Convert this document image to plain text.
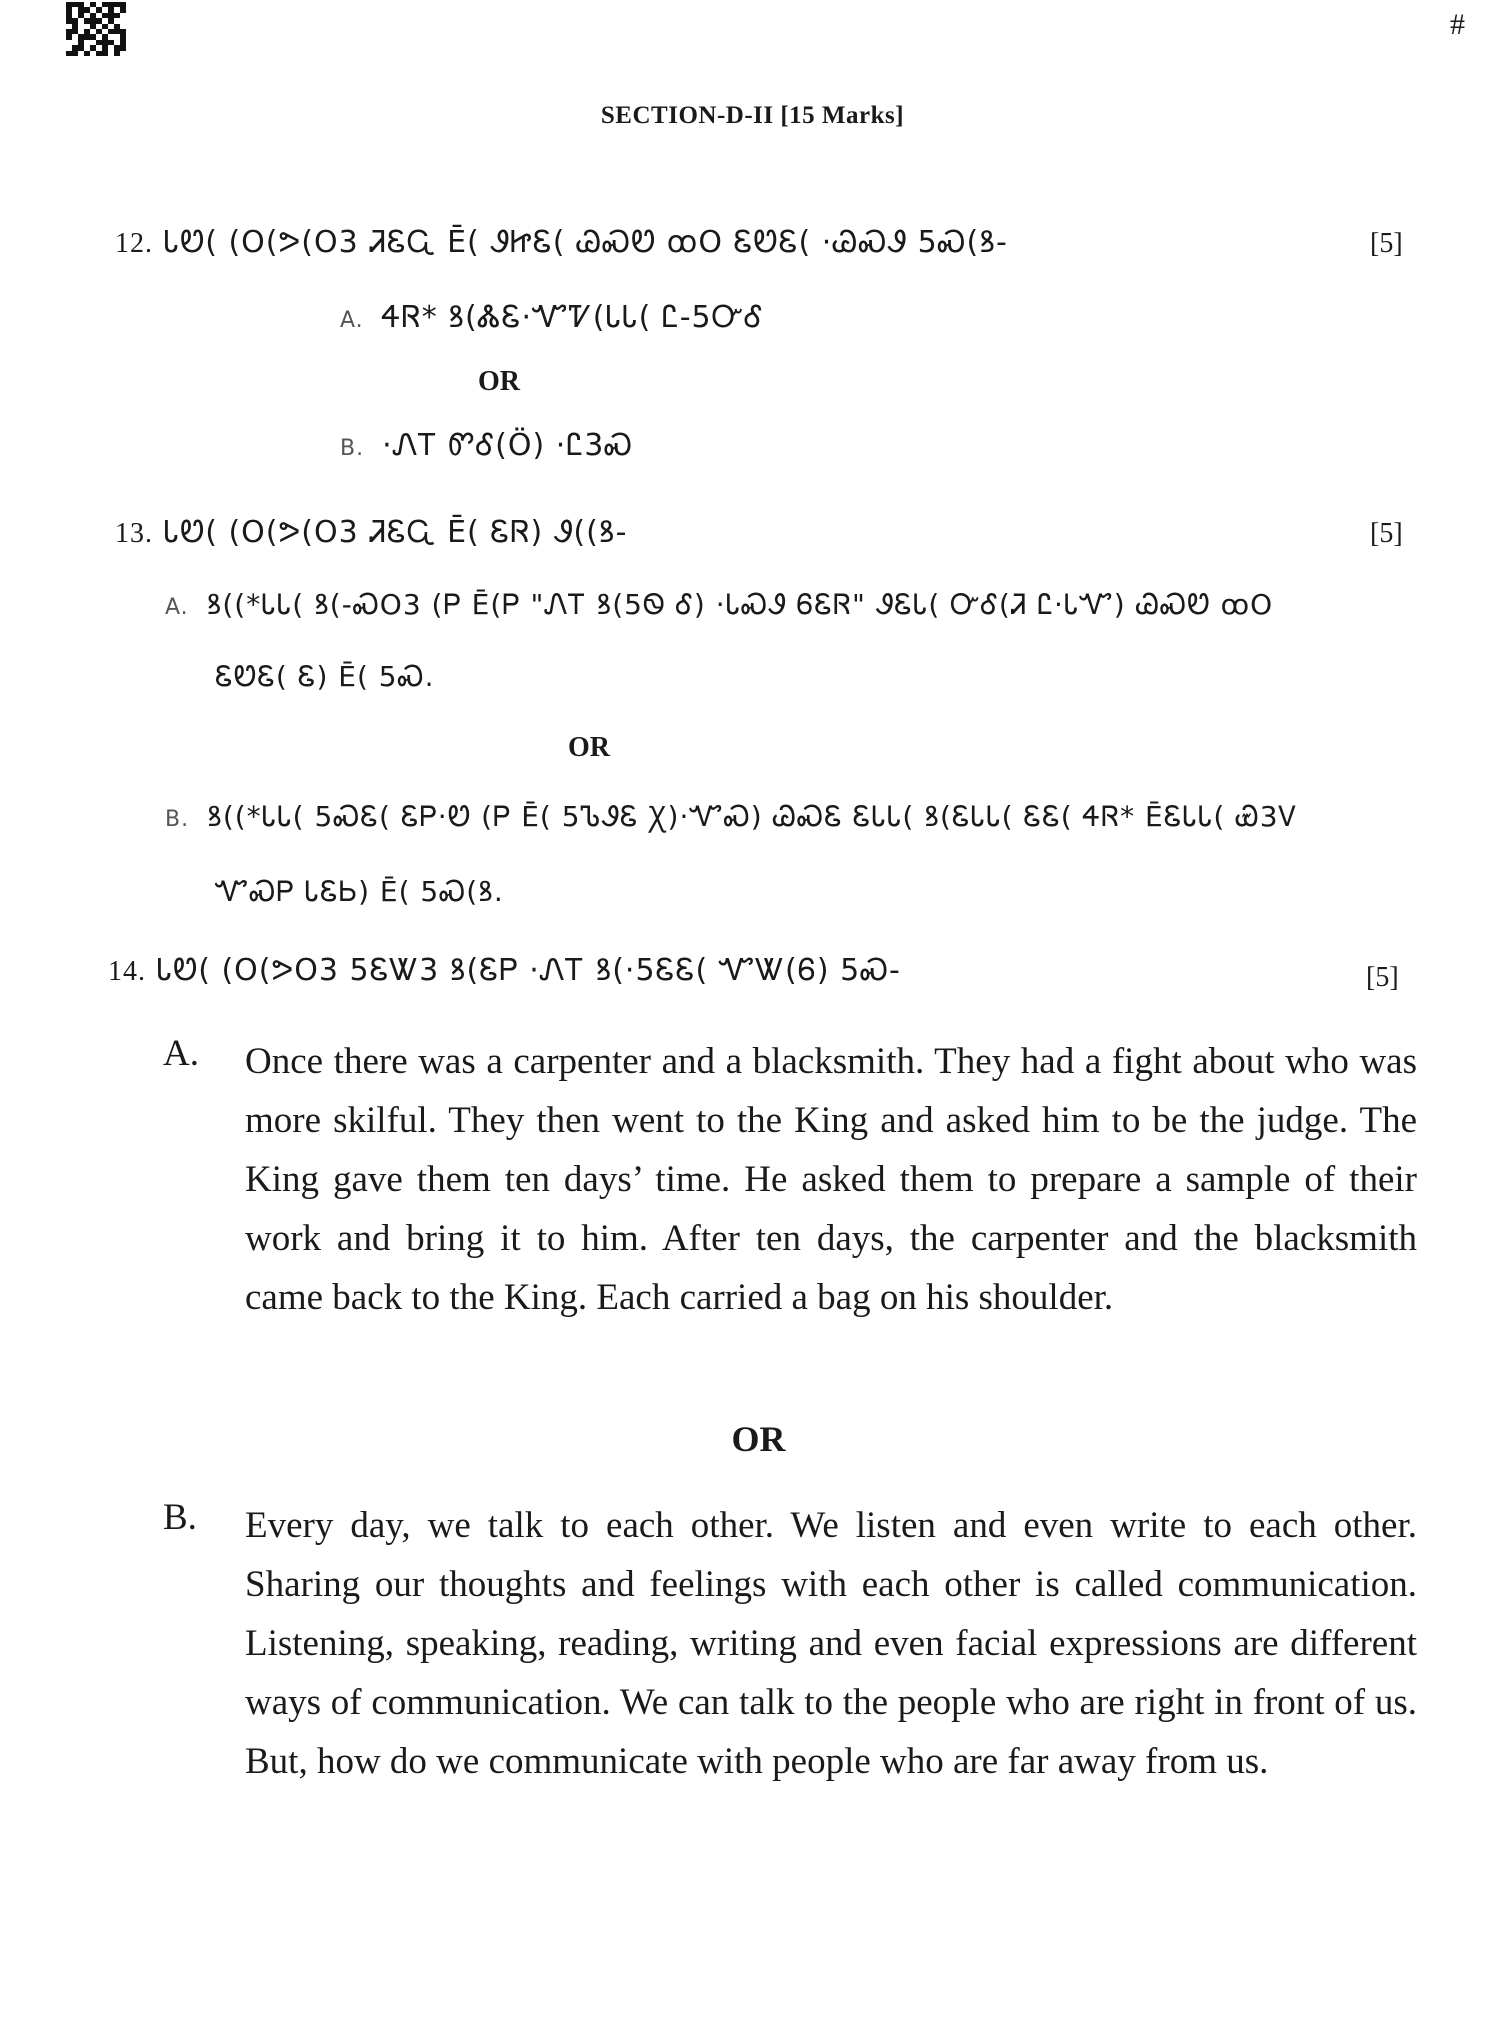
#
SECTION-D-II [15 Marks]
12. ᏓᏬ( (O(ᕗ(O3 ᏘᏋᏩ Ē( ᏭᏥᏋ( ᏊᏍᏬ ꝏO ᏋᏬᏋ( ·ᏊᏍᏭ 5Ꮝ(ꝸ-	[5]
A. ᏎᏒ* ꝸ(ᏜᏋ·ᏉᏤ(ᏓᏓ( Ꮭ-5ᏅᎴ
OR
B. ·ᏁᎢ ᏛᎴ(Ö) ·Ꮭ3Ꮝ
13. ᏓᏬ( (O(ᕗ(O3 ᏘᏋᏩ Ē( ᏋᏒ) Ꮽ((ꝸ-	[5]
A. ꝸ((*ᏓᏓ( ꝸ(-ᏍO3 (Ꮲ Ē(Ꮲ "ᏁᎢ ꝸ(5Ꮻ Ꮄ) ·ᏓᏍᏭ ᏮᏋᏒ" ᏭᏋᏓ( ᏅᎴ(Ꮨ Ꮭ·ᏓᏉ) ᏊᏍᏬ ꝏO
ᏋᏬᏋ( Ꮛ) Ē( 5Ꮝ.
OR
B. ꝸ((*ᏓᏓ( 5ᏍᏋ( ᏋᏢ·Ꮼ (Ꮲ Ē( 5ᏖᏭᏋ Ꭓ)·ᏉᏍ) ᏊᏍᏋ ᏋᏓᏓ( ꝸ(ᏋᏓᏓ( ᏋᏋ( ᏎᏒ* ĒᏋᏓᏓ( Ꮿ3Ꮩ
ᏉᏍᏢ ᏓᏋᏏ) Ē( 5Ꮝ(ꝸ.
14. ᏓᏬ( (O(ᕗO3 5ᏋᏔ3 ꝸ(ᏋᏢ ·ᏁᎢ ꝸ(·5ᏋᏋ( ᏉᏔ(Ꮾ) 5Ꮝ-	[5]
A. Once there was a carpenter and a blacksmith. They had a fight about who was more skilful. They then went to the King and asked him to be the judge. The King gave them ten days’ time. He asked them to prepare a sample of their work and bring it to him. After ten days, the carpenter and the blacksmith came back to the King. Each carried a bag on his shoulder.
OR
B. Every day, we talk to each other. We listen and even write to each other. Sharing our thoughts and feelings with each other is called communication. Listening, speaking, reading, writing and even facial expressions are different ways of communication. We can talk to the people who are right in front of us. But, how do we communicate with people who are far away from us.
